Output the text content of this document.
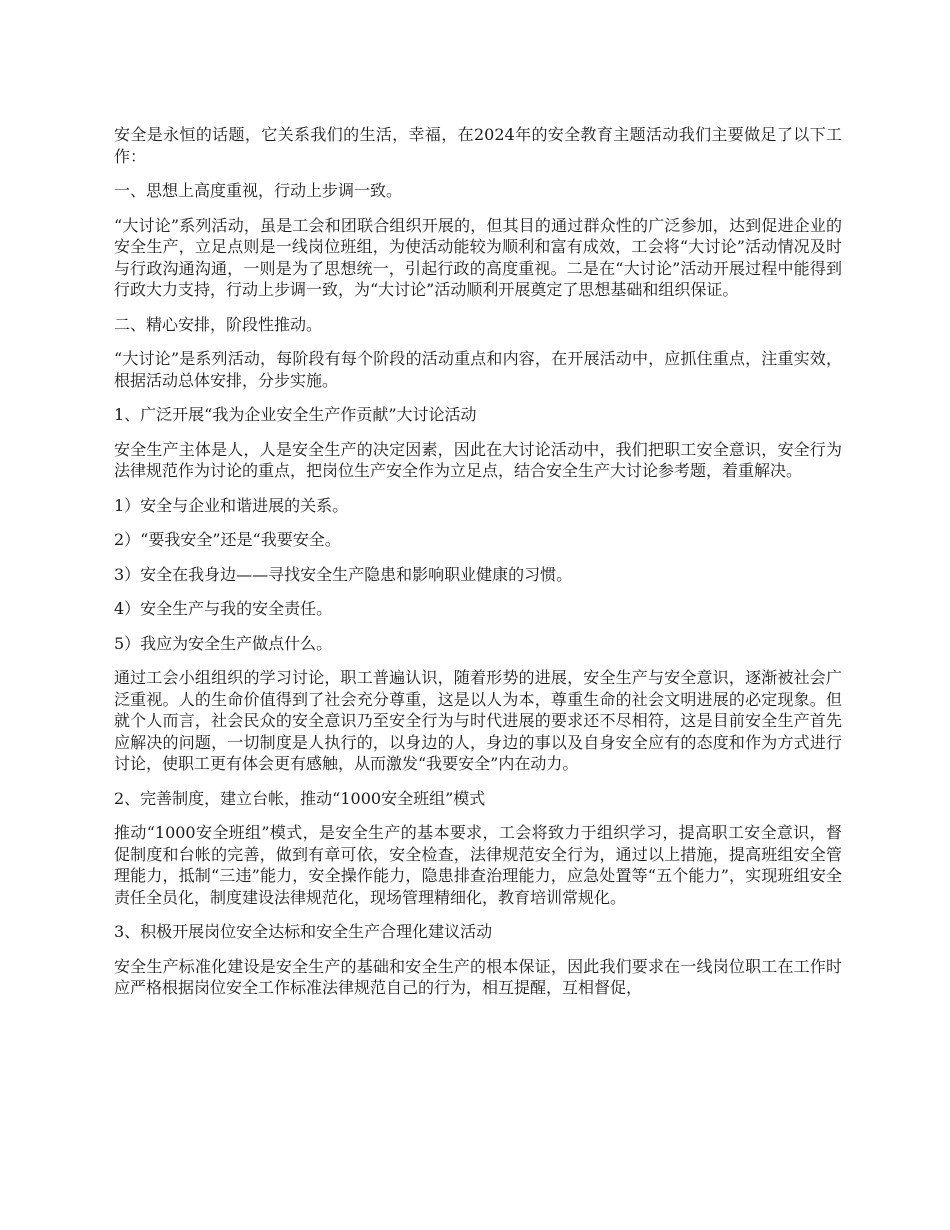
安全是永恒的话题，它关系我们的生活，幸福，在2024年的安全教育主题活动我们主要做足了以下工作：

一、思想上高度重视，行动上步调一致。

“大讨论”系列活动，虽是工会和团联合组织开展的，但其目的通过群众性的广泛参加，达到促进企业的安全生产，立足点则是一线岗位班组，为使活动能较为顺利和富有成效，工会将“大讨论”活动情况及时与行政沟通沟通，一则是为了思想统一，引起行政的高度重视。二是在“大讨论”活动开展过程中能得到行政大力支持，行动上步调一致，为“大讨论”活动顺利开展奠定了思想基础和组织保证。

二、精心安排，阶段性推动。

“大讨论”是系列活动，每阶段有每个阶段的活动重点和内容，在开展活动中，应抓住重点，注重实效，根据活动总体安排，分步实施。

1、广泛开展“我为企业安全生产作贡献”大讨论活动

安全生产主体是人，人是安全生产的决定因素，因此在大讨论活动中，我们把职工安全意识，安全行为法律规范作为讨论的重点，把岗位生产安全作为立足点，结合安全生产大讨论参考题，着重解决。

1）安全与企业和谐进展的关系。

2）“要我安全”还是“我要安全。

3）安全在我身边——寻找安全生产隐患和影响职业健康的习惯。

4）安全生产与我的安全责任。

5）我应为安全生产做点什么。

通过工会小组组织的学习讨论，职工普遍认识，随着形势的进展，安全生产与安全意识，逐渐被社会广泛重视。人的生命价值得到了社会充分尊重，这是以人为本，尊重生命的社会文明进展的必定现象。但就个人而言，社会民众的安全意识乃至安全行为与时代进展的要求还不尽相符，这是目前安全生产首先应解决的问题，一切制度是人执行的，以身边的人，身边的事以及自身安全应有的态度和作为方式进行讨论，使职工更有体会更有感触，从而激发“我要安全”内在动力。

2、完善制度，建立台帐，推动“1000安全班组”模式

推动“1000安全班组”模式，是安全生产的基本要求，工会将致力于组织学习，提高职工安全意识，督促制度和台帐的完善，做到有章可依，安全检查，法律规范安全行为，通过以上措施，提高班组安全管理能力，抵制“三违”能力，安全操作能力，隐患排查治理能力，应急处置等“五个能力”，实现班组安全责任全员化，制度建设法律规范化，现场管理精细化，教育培训常规化。

3、积极开展岗位安全达标和安全生产合理化建议活动

安全生产标准化建设是安全生产的基础和安全生产的根本保证，因此我们要求在一线岗位职工在工作时应严格根据岗位安全工作标准法律规范自己的行为，相互提醒，互相督促，
